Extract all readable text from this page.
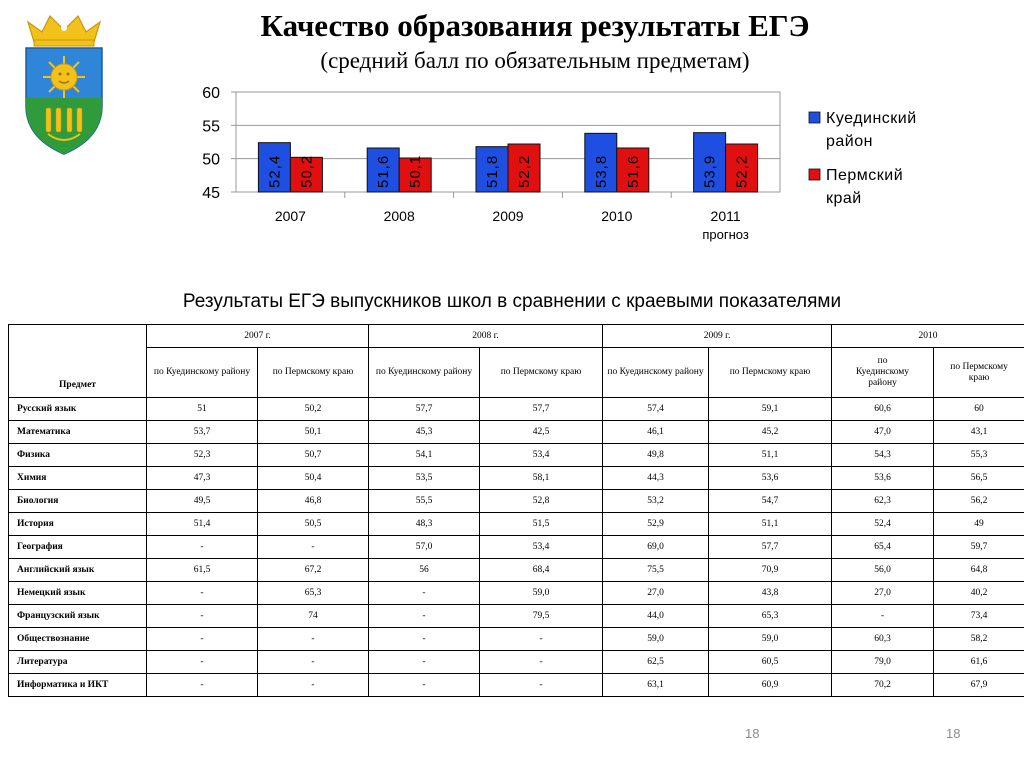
Качество образования результаты ЕГЭ
(средний балл по обязательным предметам)
45
50
55
60
2007
52,4 50,2
2008
51,6 50,1
2009
51,8 52,2
2010
53,8 51,6
2011
прогноз
53,9 52,2
Куединский
район
Пермский
край
Результаты ЕГЭ выпускников школ в сравнении с краевыми показателями
Предмет	2007 г.		2008 г.		2009 г.		2010	
	по Куединскому району	по Пермскому краю	по Куединскому району	по Пермскому краю	по Куединскому району	по Пермскому краю	по Куединскому району	по Пермскому краю
Русский язык	51	50,2	57,7	57,7	57,4	59,1	60,6	60
Математика	53,7	50,1	45,3	42,5	46,1	45,2	47,0	43,1
Физика	52,3	50,7	54,1	53,4	49,8	51,1	54,3	55,3
Химия	47,3	50,4	53,5	58,1	44,3	53,6	53,6	56,5
Биология	49,5	46,8	55,5	52,8	53,2	54,7	62,3	56,2
История	51,4	50,5	48,3	51,5	52,9	51,1	52,4	49
География	-	-	57,0	53,4	69,0	57,7	65,4	59,7
Английский язык	61,5	67,2	56	68,4	75,5	70,9	56,0	64,8
Немецкий язык	-	65,3	-	59,0	27,0	43,8	27,0	40,2
Французский язык	-	74	-	79,5	44,0	65,3	-	73,4
Обществознание	-	-	-	-	59,0	59,0	60,3	58,2
Литература	-	-	-	-	62,5	60,5	79,0	61,6
Информатика и ИКТ	-	-	-	-	63,1	60,9	70,2	67,9
18	18
